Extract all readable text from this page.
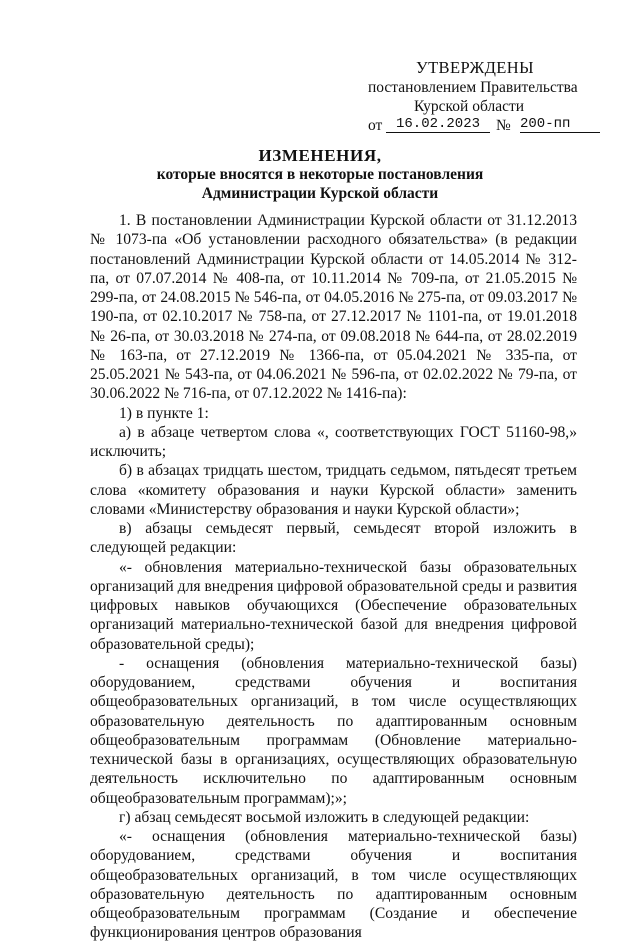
УТВЕРЖДЕНЫ
постановлением Правительства
Курской области
от 16.02.2023	№ 200-пп
ИЗМЕНЕНИЯ,
которые вносятся в некоторые постановления
Администрации Курской области

1. В постановлении Администрации Курской области от 31.12.2013 № 1073-па «Об установлении расходного обязательства» (в редакции постановлений Администрации Курской области от 14.05.2014 № 312-па, от 07.07.2014 № 408-па, от 10.11.2014 № 709-па, от 21.05.2015 № 299-па, от 24.08.2015 № 546-па, от 04.05.2016 № 275-па, от 09.03.2017 № 190-па, от 02.10.2017 № 758-па, от 27.12.2017 № 1101-па, от 19.01.2018 № 26-па, от 30.03.2018 № 274-па, от 09.08.2018 № 644-па, от 28.02.2019 № 163-па, от 27.12.2019 № 1366-па, от 05.04.2021 № 335-па, от 25.05.2021 № 543-па, от 04.06.2021 № 596-па, от 02.02.2022 № 79-па, от 30.06.2022 № 716-па, от 07.12.2022 № 1416-па):

1) в пункте 1:

а) в абзаце четвертом слова «, соответствующих ГОСТ 51160-98,» исключить;

б) в абзацах тридцать шестом, тридцать седьмом, пятьдесят третьем слова «комитету образования и науки Курской области» заменить словами «Министерству образования и науки Курской области»;

в) абзацы семьдесят первый, семьдесят второй изложить в следующей редакции:

«- обновления материально-технической базы образовательных организаций для внедрения цифровой образовательной среды и развития цифровых навыков обучающихся (Обеспечение образовательных организаций материально-технической базой для внедрения цифровой образовательной среды);

- оснащения (обновления материально-технической базы) оборудованием, средствами обучения и воспитания общеобразовательных организаций, в том числе осуществляющих образовательную деятельность по адаптированным основным общеобразовательным программам (Обновление материально-технической базы в организациях, осуществляющих образовательную деятельность исключительно по адаптированным основным общеобразовательным программам);»;

г) абзац семьдесят восьмой изложить в следующей редакции:

«- оснащения (обновления материально-технической базы) оборудованием, средствами обучения и воспитания общеобразовательных организаций, в том числе осуществляющих образовательную деятельность по адаптированным основным общеобразовательным программам (Создание и обеспечение функционирования центров образования
